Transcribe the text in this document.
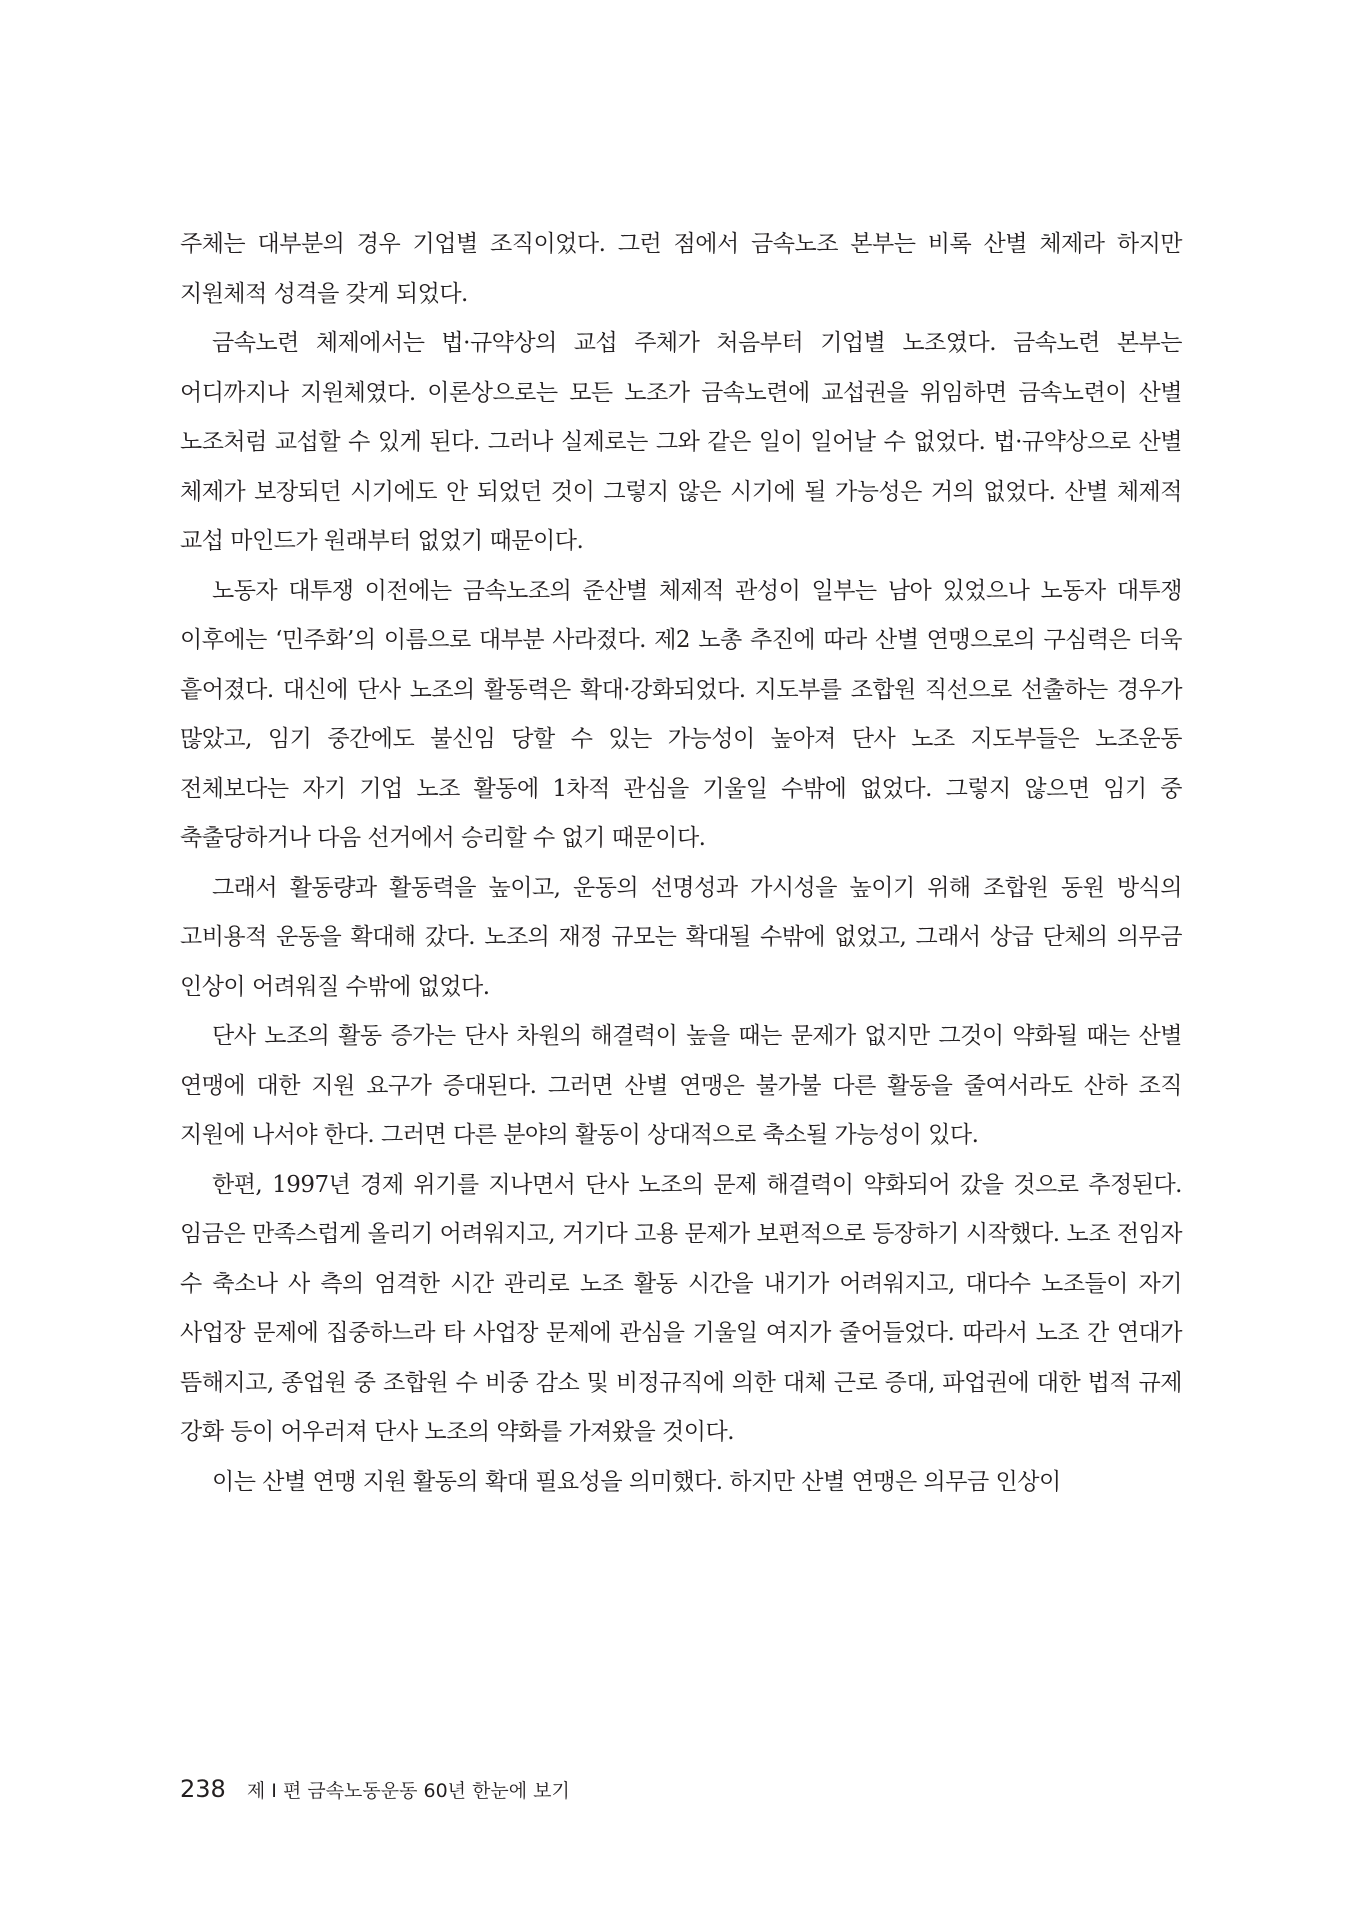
주체는 대부분의 경우 기업별 조직이었다. 그런 점에서 금속노조 본부는 비록 산별 체제라 하지만 지원체적 성격을 갖게 되었다.

금속노련 체제에서는 법·규약상의 교섭 주체가 처음부터 기업별 노조였다. 금속노련 본부는 어디까지나 지원체였다. 이론상으로는 모든 노조가 금속노련에 교섭권을 위임하면 금속노련이 산별 노조처럼 교섭할 수 있게 된다. 그러나 실제로는 그와 같은 일이 일어날 수 없었다. 법·규약상으로 산별 체제가 보장되던 시기에도 안 되었던 것이 그렇지 않은 시기에 될 가능성은 거의 없었다. 산별 체제적 교섭 마인드가 원래부터 없었기 때문이다.

노동자 대투쟁 이전에는 금속노조의 준산별 체제적 관성이 일부는 남아 있었으나 노동자 대투쟁 이후에는 ‘민주화’의 이름으로 대부분 사라졌다. 제2 노총 추진에 따라 산별 연맹으로의 구심력은 더욱 흩어졌다. 대신에 단사 노조의 활동력은 확대·강화되었다. 지도부를 조합원 직선으로 선출하는 경우가 많았고, 임기 중간에도 불신임 당할 수 있는 가능성이 높아져 단사 노조 지도부들은 노조운동 전체보다는 자기 기업 노조 활동에 1차적 관심을 기울일 수밖에 없었다. 그렇지 않으면 임기 중 축출당하거나 다음 선거에서 승리할 수 없기 때문이다.

그래서 활동량과 활동력을 높이고, 운동의 선명성과 가시성을 높이기 위해 조합원 동원 방식의 고비용적 운동을 확대해 갔다. 노조의 재정 규모는 확대될 수밖에 없었고, 그래서 상급 단체의 의무금 인상이 어려워질 수밖에 없었다.

단사 노조의 활동 증가는 단사 차원의 해결력이 높을 때는 문제가 없지만 그것이 약화될 때는 산별 연맹에 대한 지원 요구가 증대된다. 그러면 산별 연맹은 불가불 다른 활동을 줄여서라도 산하 조직 지원에 나서야 한다. 그러면 다른 분야의 활동이 상대적으로 축소될 가능성이 있다.

한편, 1997년 경제 위기를 지나면서 단사 노조의 문제 해결력이 약화되어 갔을 것으로 추정된다. 임금은 만족스럽게 올리기 어려워지고, 거기다 고용 문제가 보편적으로 등장하기 시작했다. 노조 전임자 수 축소나 사 측의 엄격한 시간 관리로 노조 활동 시간을 내기가 어려워지고, 대다수 노조들이 자기 사업장 문제에 집중하느라 타 사업장 문제에 관심을 기울일 여지가 줄어들었다. 따라서 노조 간 연대가 뜸해지고, 종업원 중 조합원 수 비중 감소 및 비정규직에 의한 대체 근로 증대, 파업권에 대한 법적 규제 강화 등이 어우러져 단사 노조의 약화를 가져왔을 것이다.

이는 산별 연맹 지원 활동의 확대 필요성을 의미했다. 하지만 산별 연맹은 의무금 인상이

238 제 I 편 금속노동운동 60년 한눈에 보기
